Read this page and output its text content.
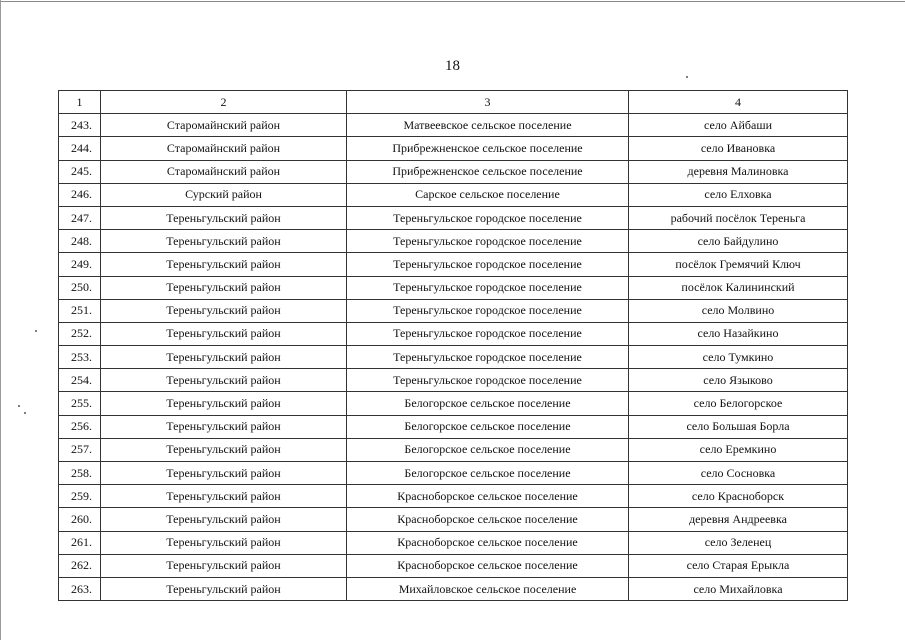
18
1	2	3	4
243.	Старомайнский район	Матвеевское сельское поселение	село Айбаши
244.	Старомайнский район	Прибрежненское сельское поселение	село Ивановка
245.	Старомайнский район	Прибрежненское сельское поселение	деревня Малиновка
246.	Сурский район	Сарское сельское поселение	село Елховка
247.	Тереньгульский район	Тереньгульское городское поселение	рабочий посёлок Тереньга
248.	Тереньгульский район	Тереньгульское городское поселение	село Байдулино
249.	Тереньгульский район	Тереньгульское городское поселение	посёлок Гремячий Ключ
250.	Тереньгульский район	Тереньгульское городское поселение	посёлок Калининский
251.	Тереньгульский район	Тереньгульское городское поселение	село Молвино
252.	Тереньгульский район	Тереньгульское городское поселение	село Назайкино
253.	Тереньгульский район	Тереньгульское городское поселение	село Тумкино
254.	Тереньгульский район	Тереньгульское городское поселение	село Языково
255.	Тереньгульский район	Белогорское сельское поселение	село Белогорское
256.	Тереньгульский район	Белогорское сельское поселение	село Большая Борла
257.	Тереньгульский район	Белогорское сельское поселение	село Еремкино
258.	Тереньгульский район	Белогорское сельское поселение	село Сосновка
259.	Тереньгульский район	Красноборское сельское поселение	село Красноборск
260.	Тереньгульский район	Красноборское сельское поселение	деревня Андреевка
261.	Тереньгульский район	Красноборское сельское поселение	село Зеленец
262.	Тереньгульский район	Красноборское сельское поселение	село Старая Ерыкла
263.	Тереньгульский район	Михайловское сельское поселение	село Михайловка
